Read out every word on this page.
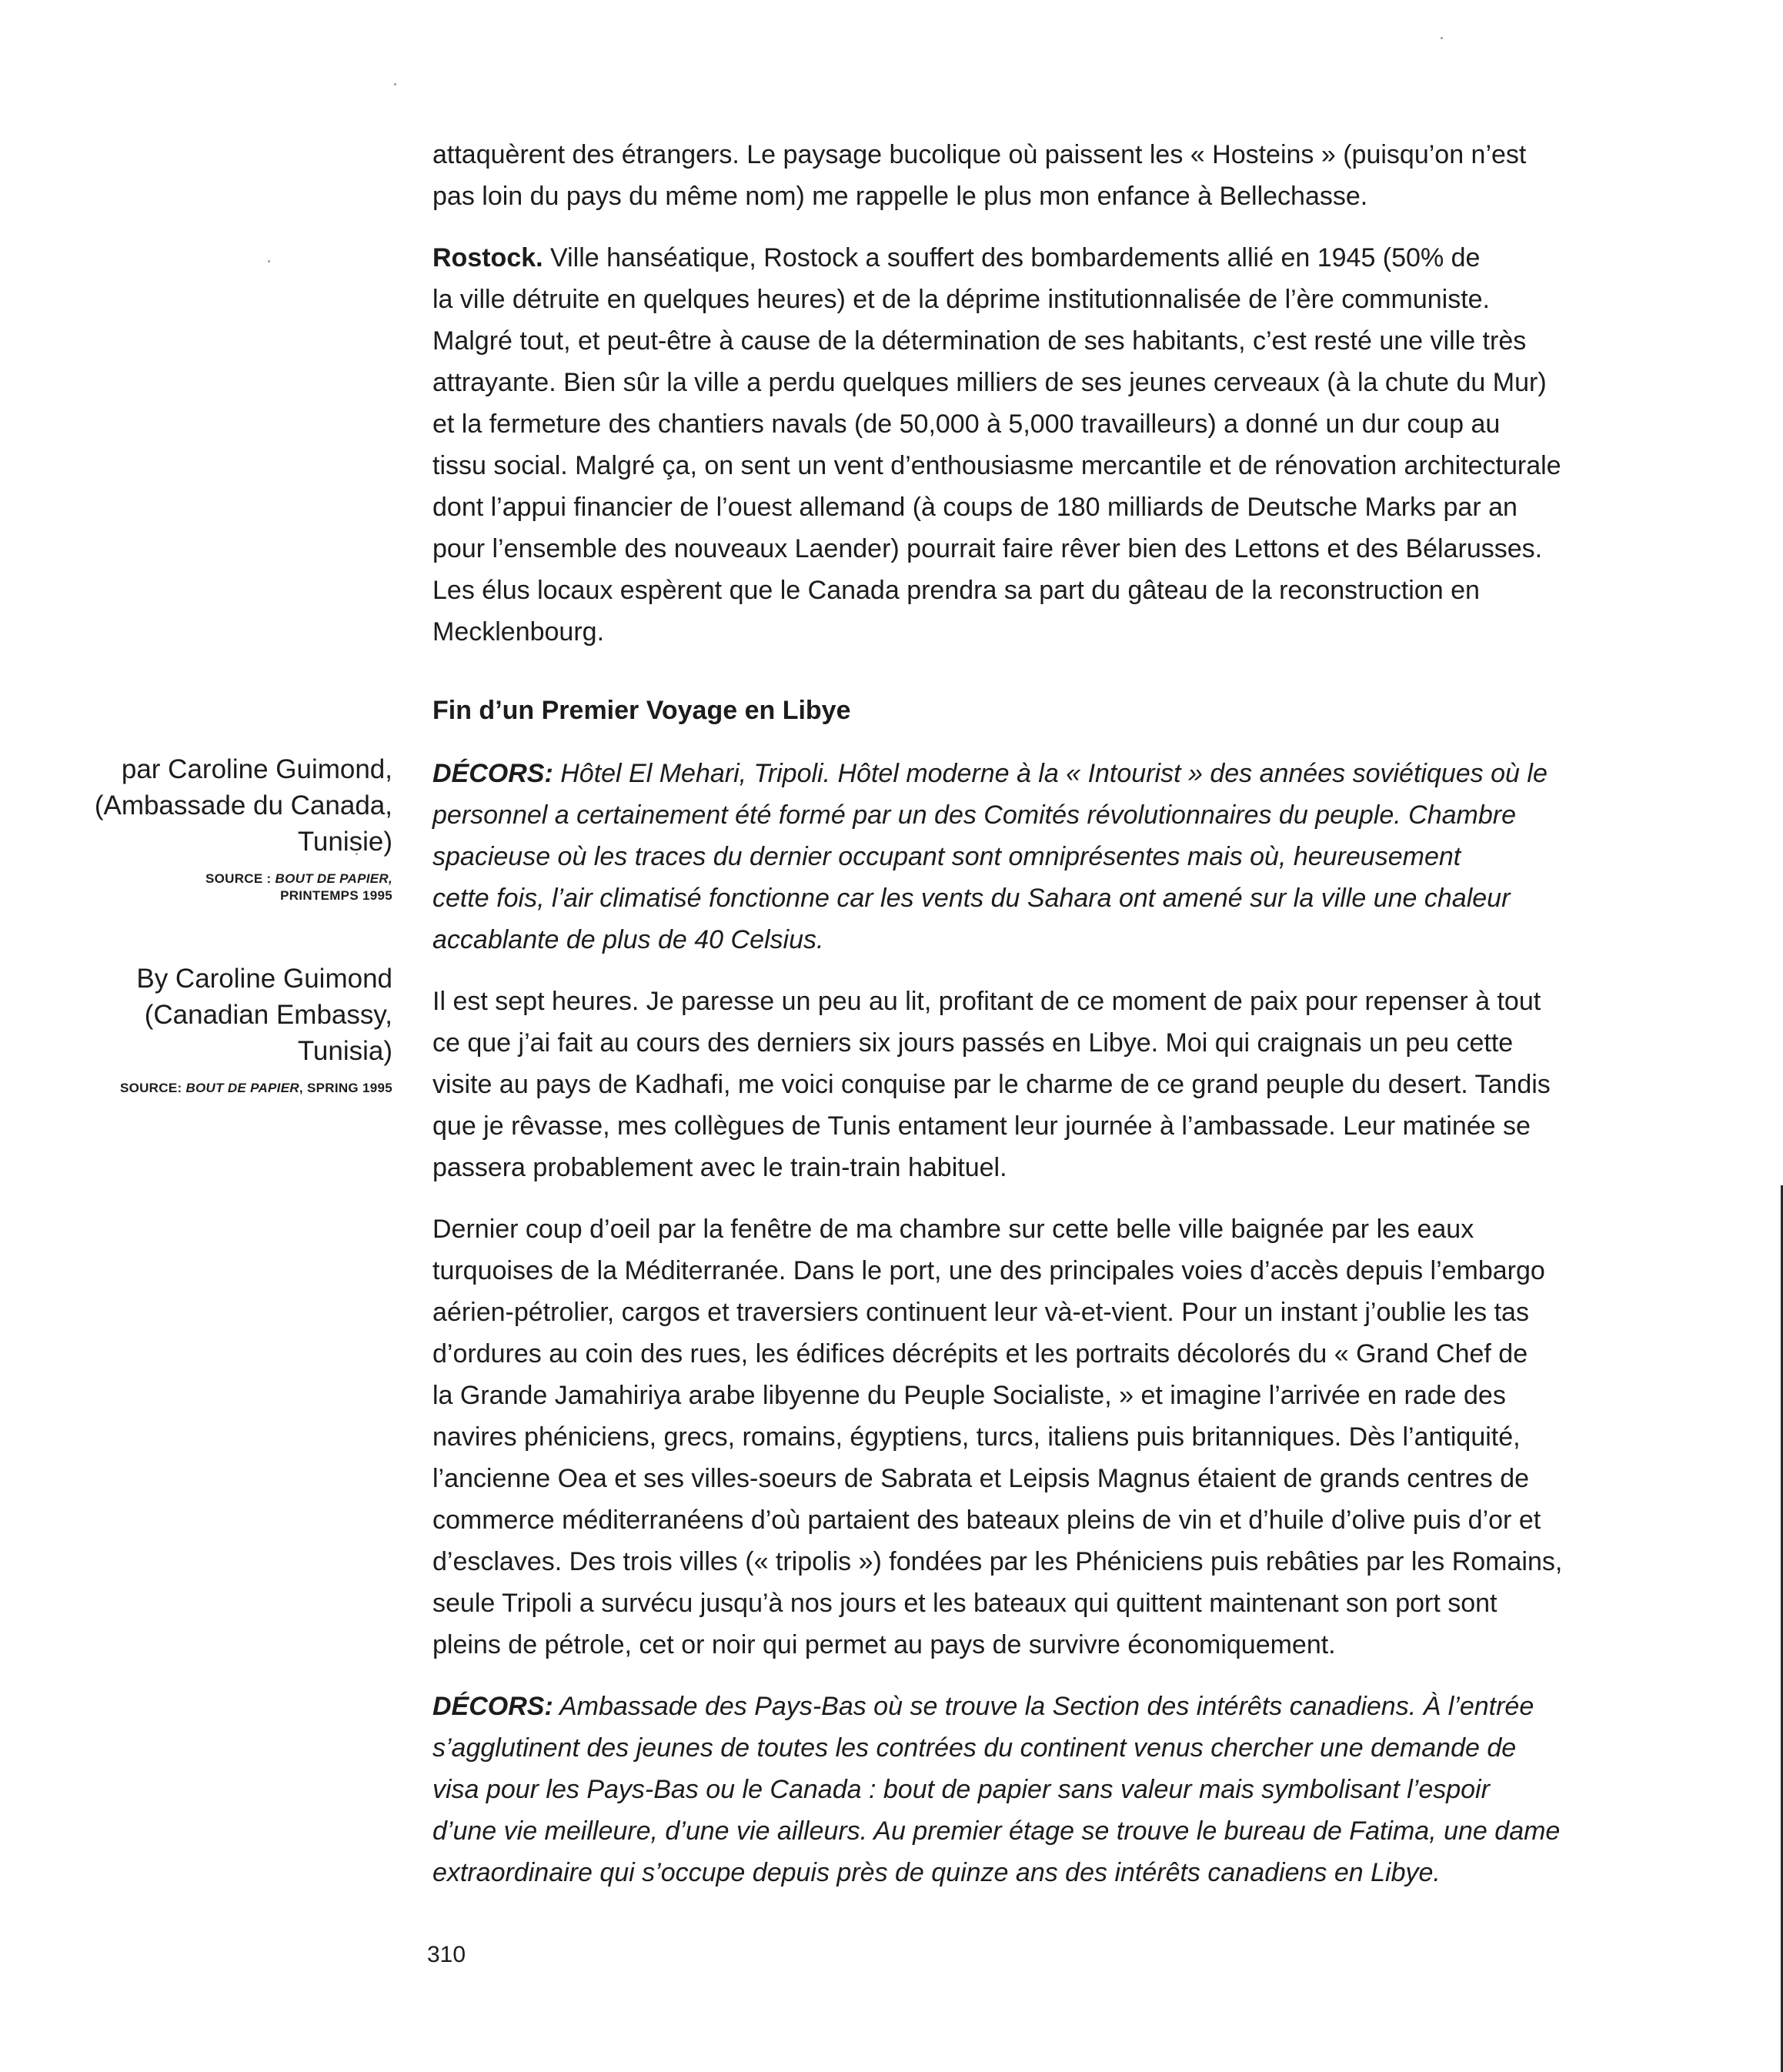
attaquèrent des étrangers. Le paysage bucolique où paissent les « Hosteins » (puisqu’on n’est

pas loin du pays du même nom) me rappelle le plus mon enfance à Bellechasse.

Rostock. Ville hanséatique, Rostock a souffert des bombardements allié en 1945 (50% de

la ville détruite en quelques heures) et de la déprime institutionnalisée de l’ère communiste.

Malgré tout, et peut-être à cause de la détermination de ses habitants, c’est resté une ville très

attrayante. Bien sûr la ville a perdu quelques milliers de ses jeunes cerveaux (à la chute du Mur)

et la fermeture des chantiers navals (de 50,000 à 5,000 travailleurs) a donné un dur coup au

tissu social. Malgré ça, on sent un vent d’enthousiasme mercantile et de rénovation architecturale

dont l’appui financier de l’ouest allemand (à coups de 180 milliards de Deutsche Marks par an

pour l’ensemble des nouveaux Laender) pourrait faire rêver bien des Lettons et des Bélarusses.

Les élus locaux espèrent que le Canada prendra sa part du gâteau de la reconstruction en

Mecklenbourg.

Fin d’un Premier Voyage en Libye

par Caroline Guimond,

(Ambassade du Canada,

Tunisie)

SOURCE : BOUT DE PAPIER,
PRINTEMPS 1995

By Caroline Guimond

(Canadian Embassy,

Tunisia)

SOURCE: BOUT DE PAPIER, SPRING 1995

DÉCORS: Hôtel El Mehari, Tripoli. Hôtel moderne à la « Intourist » des années soviétiques où le

personnel a certainement été formé par un des Comités révolutionnaires du peuple. Chambre

spacieuse où les traces du dernier occupant sont omniprésentes mais où, heureusement

cette fois, l’air climatisé fonctionne car les vents du Sahara ont amené sur la ville une chaleur

accablante de plus de 40 Celsius.

Il est sept heures. Je paresse un peu au lit, profitant de ce moment de paix pour repenser à tout

ce que j’ai fait au cours des derniers six jours passés en Libye. Moi qui craignais un peu cette

visite au pays de Kadhafi, me voici conquise par le charme de ce grand peuple du desert. Tandis

que je rêvasse, mes collègues de Tunis entament leur journée à l’ambassade. Leur matinée se

passera probablement avec le train-train habituel.

Dernier coup d’oeil par la fenêtre de ma chambre sur cette belle ville baignée par les eaux

turquoises de la Méditerranée. Dans le port, une des principales voies d’accès depuis l’embargo

aérien-pétrolier, cargos et traversiers continuent leur và-et-vient. Pour un instant j’oublie les tas

d’ordures au coin des rues, les édifices décrépits et les portraits décolorés du « Grand Chef de

la Grande Jamahiriya arabe libyenne du Peuple Socialiste, » et imagine l’arrivée en rade des

navires phéniciens, grecs, romains, égyptiens, turcs, italiens puis britanniques. Dès l’antiquité,

l’ancienne Oea et ses villes-soeurs de Sabrata et Leipsis Magnus étaient de grands centres de

commerce méditerranéens d’où partaient des bateaux pleins de vin et d’huile d’olive puis d’or et

d’esclaves. Des trois villes (« tripolis ») fondées par les Phéniciens puis rebâties par les Romains,

seule Tripoli a survécu jusqu’à nos jours et les bateaux qui quittent maintenant son port sont

pleins de pétrole, cet or noir qui permet au pays de survivre économiquement.

DÉCORS: Ambassade des Pays-Bas où se trouve la Section des intérêts canadiens. À l’entrée

s’agglutinent des jeunes de toutes les contrées du continent venus chercher une demande de

visa pour les Pays-Bas ou le Canada : bout de papier sans valeur mais symbolisant l’espoir

d’une vie meilleure, d’une vie ailleurs. Au premier étage se trouve le bureau de Fatima, une dame

extraordinaire qui s’occupe depuis près de quinze ans des intérêts canadiens en Libye.

310
